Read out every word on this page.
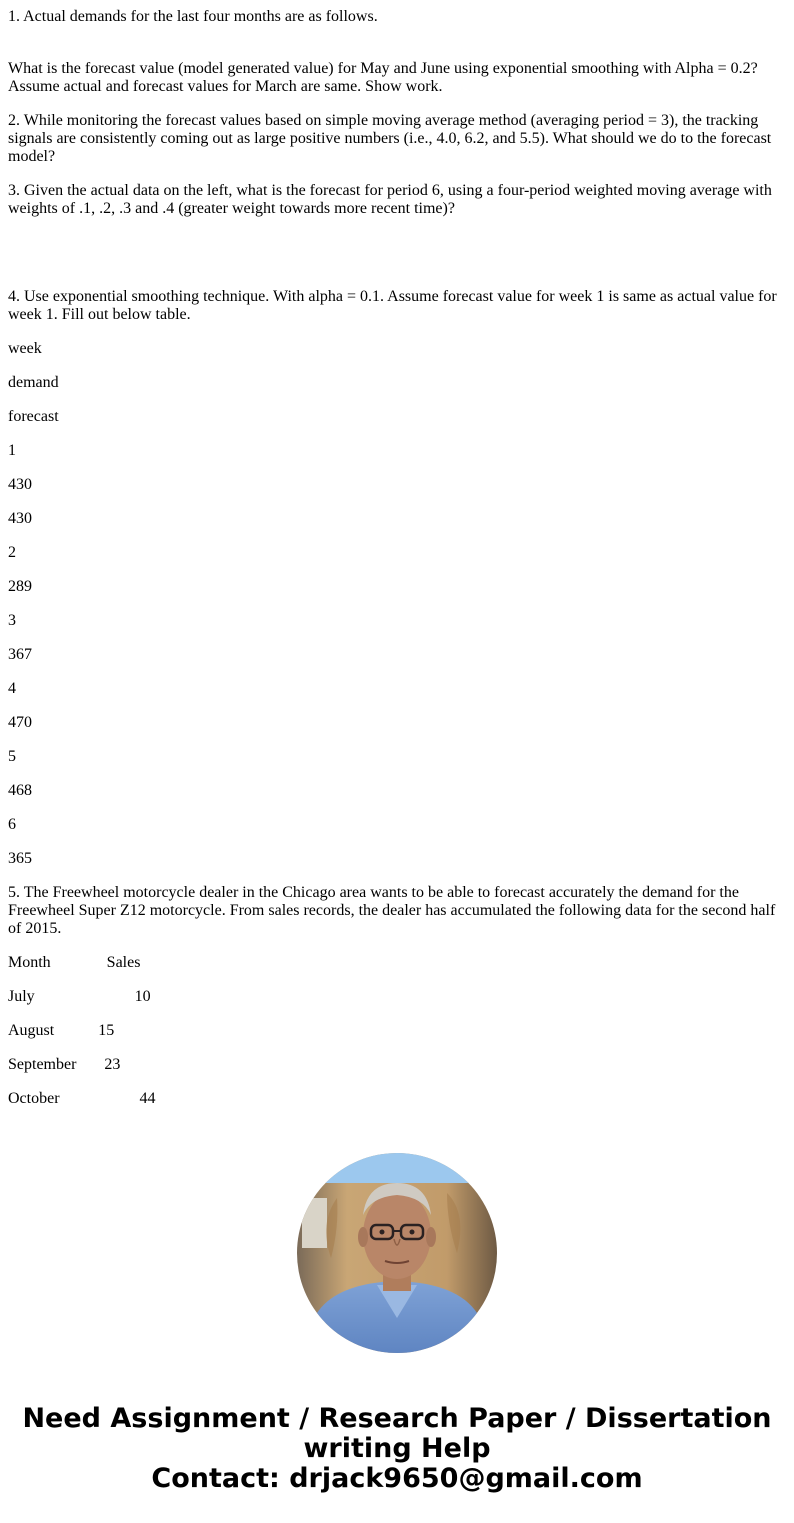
1. Actual demands for the last four months are as follows.

What is the forecast value (model generated value) for May and June using exponential smoothing with Alpha = 0.2? Assume actual and forecast values for March are same. Show work.

2. While monitoring the forecast values based on simple moving average method (averaging period = 3), the tracking signals are consistently coming out as large positive numbers (i.e., 4.0, 6.2, and 5.5). What should we do to the forecast model?

3. Given the actual data on the left, what is the forecast for period 6, using a four-period weighted moving average with weights of .1, .2, .3 and .4 (greater weight towards more recent time)?

4. Use exponential smoothing technique. With alpha = 0.1. Assume forecast value for week 1 is same as actual value for week 1. Fill out below table.

week

demand

forecast

1

430

430

2

289

3

367

4

470

5

468

6

365

5. The Freewheel motorcycle dealer in the Chicago area wants to be able to forecast accurately the demand for the Freewheel Super Z12 motorcycle. From sales records, the dealer has accumulated the following data for the second half of 2015.

Month              Sales

July                         10

August           15

September       23

October                    44

Need Assignment / Research Paper / Dissertation
writing Help
Contact: drjack9650@gmail.com
